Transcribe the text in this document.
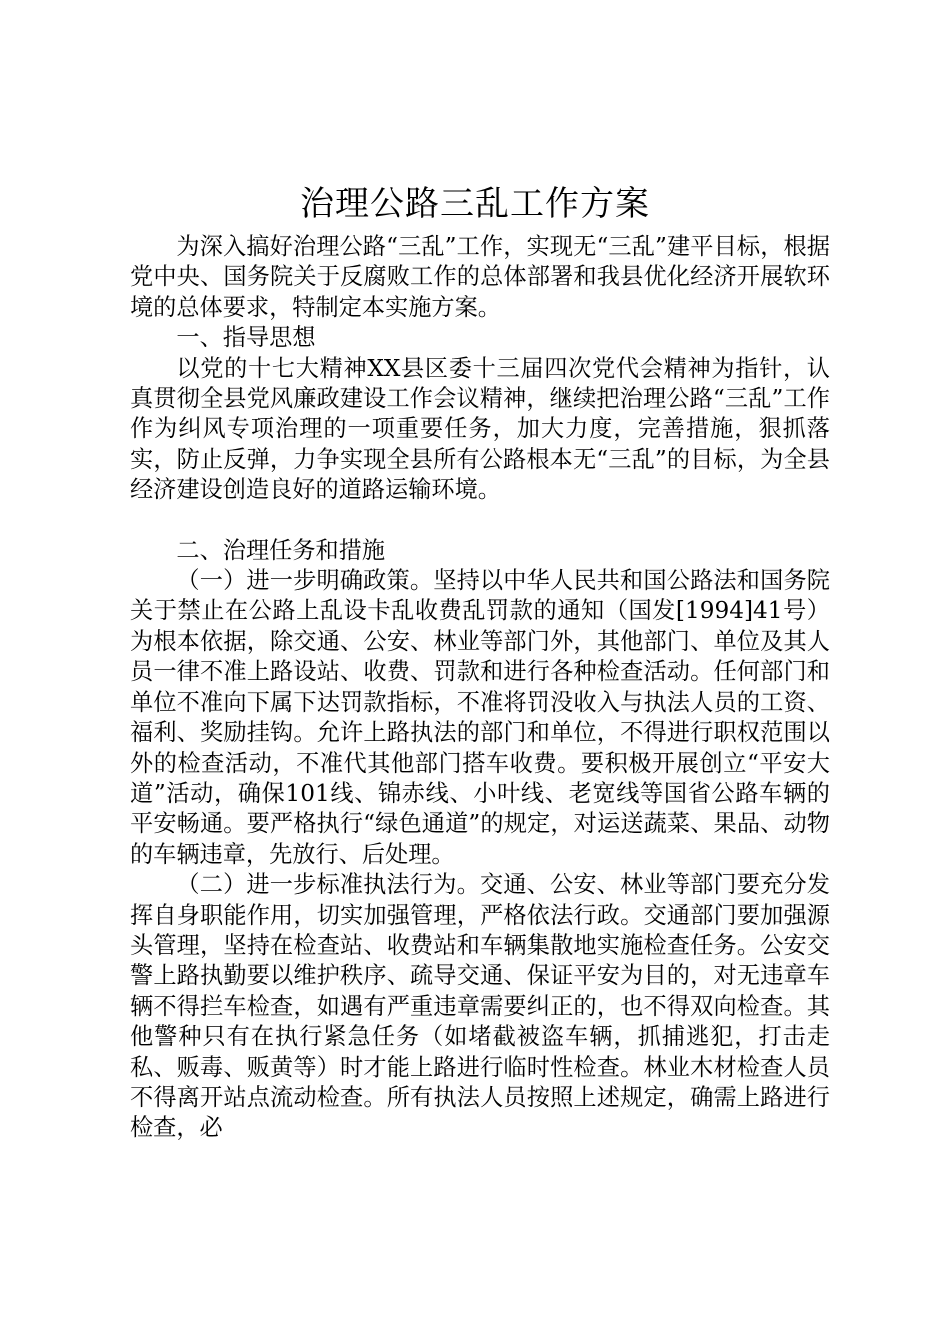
治理公路三乱工作方案

为深入搞好治理公路“三乱”工作，实现无“三乱”建平目标，根据党中央、国务院关于反腐败工作的总体部署和我县优化经济开展软环境的总体要求，特制定本实施方案。

一、指导思想

以党的十七大精神XX县区委十三届四次党代会精神为指针，认真贯彻全县党风廉政建设工作会议精神，继续把治理公路“三乱”工作作为纠风专项治理的一项重要任务，加大力度，完善措施，狠抓落实，防止反弹，力争实现全县所有公路根本无“三乱”的目标，为全县经济建设创造良好的道路运输环境。

二、治理任务和措施

（一）进一步明确政策。坚持以中华人民共和国公路法和国务院关于禁止在公路上乱设卡乱收费乱罚款的通知（国发[1994]41号）为根本依据，除交通、公安、林业等部门外，其他部门、单位及其人员一律不准上路设站、收费、罚款和进行各种检查活动。任何部门和单位不准向下属下达罚款指标，不准将罚没收入与执法人员的工资、福利、奖励挂钩。允许上路执法的部门和单位，不得进行职权范围以外的检查活动，不准代其他部门搭车收费。要积极开展创立“平安大道”活动，确保101线、锦赤线、小叶线、老宽线等国省公路车辆的平安畅通。要严格执行“绿色通道”的规定，对运送蔬菜、果品、动物的车辆违章，先放行、后处理。

（二）进一步标准执法行为。交通、公安、林业等部门要充分发挥自身职能作用，切实加强管理，严格依法行政。交通部门要加强源头管理，坚持在检查站、收费站和车辆集散地实施检查任务。公安交警上路执勤要以维护秩序、疏导交通、保证平安为目的，对无违章车辆不得拦车检查，如遇有严重违章需要纠正的，也不得双向检查。其他警种只有在执行紧急任务（如堵截被盗车辆，抓捕逃犯，打击走私、贩毒、贩黄等）时才能上路进行临时性检查。林业木材检查人员不得离开站点流动检查。所有执法人员按照上述规定，确需上路进行检查，必
